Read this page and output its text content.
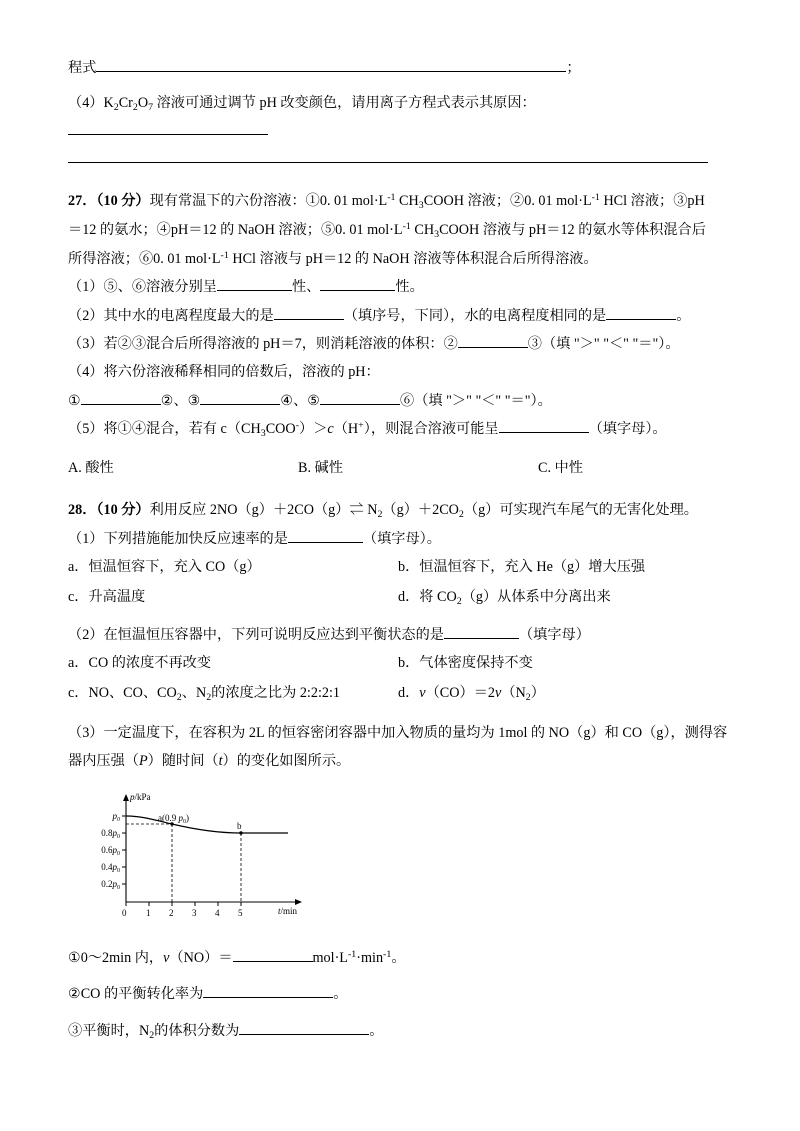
程式	；
$(4)K_2Cr_2O_7$ 溶液可通过调节 pH 改变颜色，请用离子方程式表示其原因：
27．（10 分）现有常温下的六份溶液：①0. 01 $mol\cdot L^{-1}$ $CH_3COOH$ 溶液；②0. 01 $mol\cdot L^{-1}$ HCl 溶液；③pH
＝12 的氨水；④pH＝12 的 NaOH 溶液；⑤0. 01 $mol\cdot L^{-1}$ $CH_3COOH$ 溶液与 pH＝12 的氨水等体积混合后
所得溶液；⑥0. 01 $mol\cdot L^{-1}$ HCl 溶液与 pH＝12 的 NaOH 溶液等体积混合后所得溶液。
（1）⑤、⑥溶液分别呈	性、	性。
（2）其中水的电离程度最大的是	（填序号，下同），水的电离程度相同的是	。
（3）若②③混合后所得溶液的 pH＝7，则消耗溶液的体积：②	③（填 "＞" "＜" "＝"）。
（4）将六份溶液稀释相同的倍数后，溶液的 pH：
①	②、③	④、⑤	⑥（填 "＞" "＜" "＝"）。
（5）将①④混合，若有 $c(CH_3COO^-)>c(H^+)$，则混合溶液可能呈	（填字母）。
A. 酸性	B. 碱性	C. 中性
28．（10 分）利用反应 2NO（g）＋2CO（g）⇌ $N_2(g)+2CO_2(g)$可实现汽车尾气的无害化处理。
（1）下列措施能加快反应速率的是	（填字母）。
a．恒温恒容下，充入 CO（g）	b．恒温恒容下，充入 He（g）增大压强
c．升高温度	d．将 $CO_2(g)$从体系中分离出来
（2）在恒温恒压容器中，下列可说明反应达到平衡状态的是	（填字母）
a．CO 的浓度不再改变	b．气体密度保持不变
c．NO、CO、$CO_2$、$N_2$的浓度之比为 2:2:2:1	d．$v(CO)=2v(N_2)$
（3）一定温度下，在容积为 2L 的恒容密闭容器中加入物质的量均为 1mol 的 NO（g）和 CO（g），测得容
器内压强（P）随时间（t）的变化如图所示。
$p_0$
$0.8p_0$
$0.6p_0$
$0.4p_0$
$0.2p_0$
p/kPa
t/min
0 1 2 3 4 5
a(0.9 $p_0$)
b
①0～2min 内，v（NO）＝	$mol\cdot L^{-1}\cdot\min^{-1}$。
②CO 的平衡转化率为	。
③平衡时，$N_2$的体积分数为	。
